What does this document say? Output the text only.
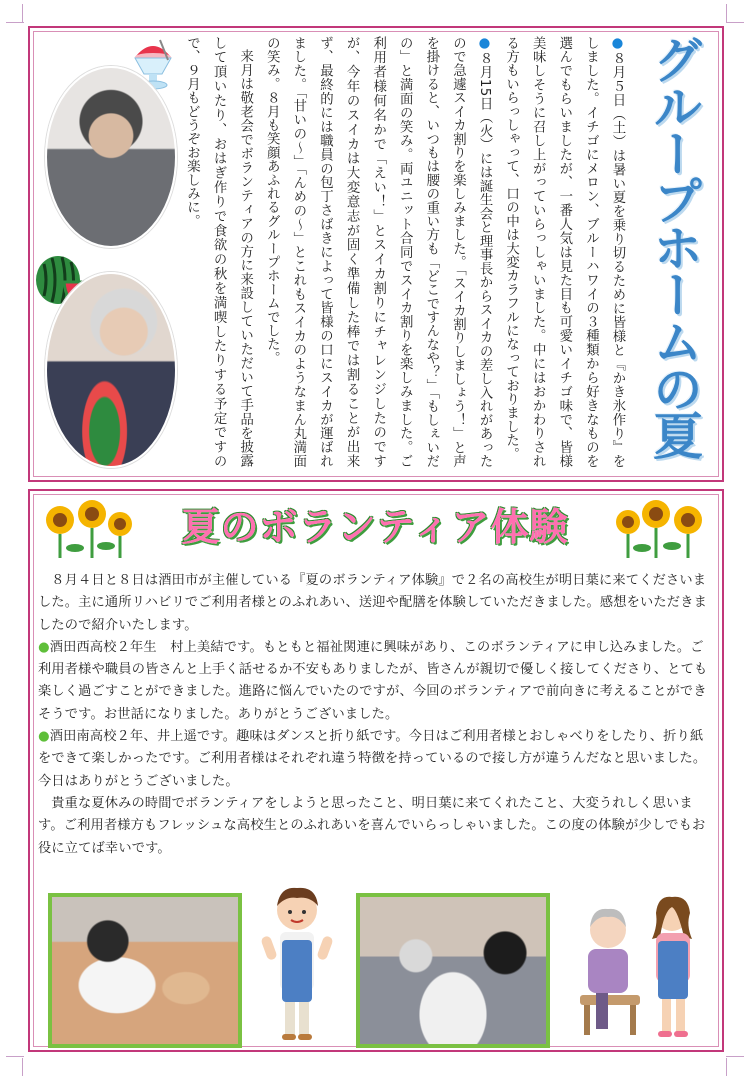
グループホームの夏

●８月５日（土）は暑い夏を乗り切るために皆様と『かき氷作り』をしました。イチゴにメロン、ブルーハワイの３種類から好きなものを選んでもらいましたが、一番人気は見た目も可愛いイチゴ味で、皆様美味しそうに召し上がっていらっしゃいました。中にはおかわりされる方もいらっしゃって、口の中は大変カラフルになっておりました。

●８月15日（火）には誕生会と理事長からスイカの差し入れがあったので急遽スイカ割りを楽しみました。「スイカ割りしましょう！」と声を掛けると、いつもは腰の重い方も「どこですんなや？」「もしぇいだの」と満面の笑み。両ユニット合同でスイカ割りを楽しみました。ご利用者様何名かで「えい！」とスイカ割りにチャレンジしたのですが、今年のスイカは大変意志が固く準備した棒では割ることが出来ず、最終的には職員の包丁さばきによって皆様の口にスイカが運ばれました。「甘いの～」「んめの～」とこれもスイカのようなまん丸満面の笑み。８月も笑顔あふれるグループホームでした。

来月は敬老会でボランティアの方に来設していただいて手品を披露して頂いたり、おはぎ作りで食欲の秋を満喫したりする予定ですので、９月もどうぞお楽しみに。

夏のボランティア体験

８月４日と８日は酒田市が主催している『夏のボランティア体験』で２名の高校生が明日葉に来てくださいました。主に通所リハビリでご利用者様とのふれあい、送迎や配膳を体験していただきました。感想をいただきましたので紹介いたします。

●酒田西高校２年生　村上美結です。もともと福祉関連に興味があり、このボランティアに申し込みました。ご利用者様や職員の皆さんと上手く話せるか不安もありましたが、皆さんが親切で優しく接してくださり、とても楽しく過ごすことができました。進路に悩んでいたのですが、今回のボランティアで前向きに考えることができそうです。お世話になりました。ありがとうございました。

●酒田南高校２年、井上遥です。趣味はダンスと折り紙です。今日はご利用者様とおしゃべりをしたり、折り紙をできて楽しかったです。ご利用者様はそれぞれ違う特徴を持っているので接し方が違うんだなと思いました。今日はありがとうございました。

貴重な夏休みの時間でボランティアをしようと思ったこと、明日葉に来てくれたこと、大変うれしく思います。ご利用者様方もフレッシュな高校生とのふれあいを喜んでいらっしゃいました。この度の体験が少しでもお役に立てば幸いです。
